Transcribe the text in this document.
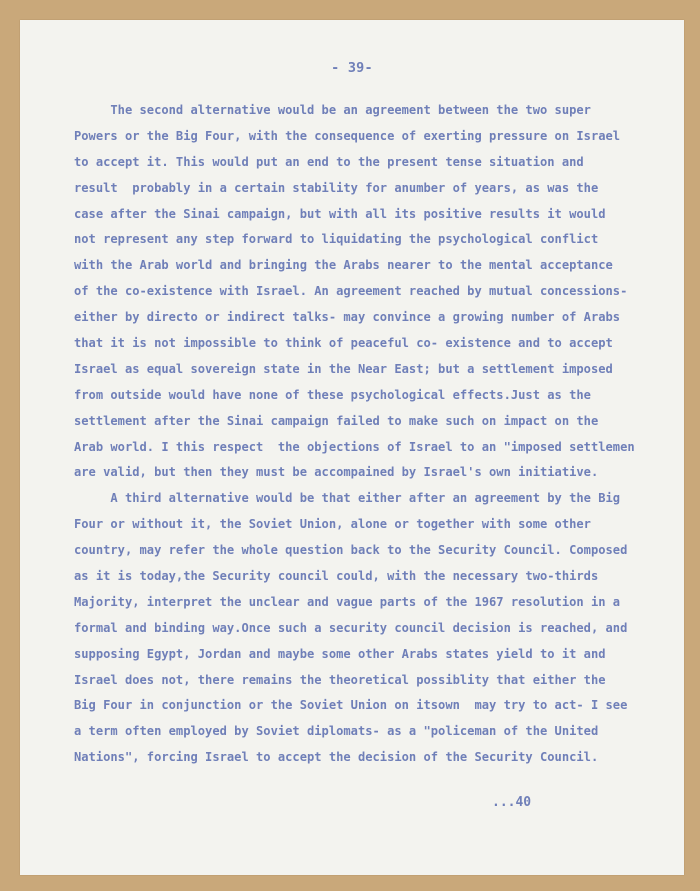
- 39-
The second alternative would be an agreement between the two super
Powers or the Big Four, with the consequence of exerting pressure on Israel
to accept it. This would put an end to the present tense situation and
result  probably in a certain stability for anumber of years, as was the
case after the Sinai campaign, but with all its positive results it would
not represent any step forward to liquidating the psychological conflict
with the Arab world and bringing the Arabs nearer to the mental acceptance
of the co-existence with Israel. An agreement reached by mutual concessions-
either by directo or indirect talks- may convince a growing number of Arabs
that it is not impossible to think of peaceful co- existence and to accept
Israel as equal sovereign state in the Near East; but a settlement imposed
from outside would have none of these psychological effects.Just as the
settlement after the Sinai campaign failed to make such on impact on the
Arab world. I this respect  the objections of Israel to an "imposed settlemen
are valid, but then they must be accompained by Israel's own initiative.
A third alternative would be that either after an agreement by the Big
Four or without it, the Soviet Union, alone or together with some other
country, may refer the whole question back to the Security Council. Composed
as it is today,the Security council could, with the necessary two-thirds
Majority, interpret the unclear and vague parts of the 1967 resolution in a
formal and binding way.Once such a security council decision is reached, and
supposing Egypt, Jordan and maybe some other Arabs states yield to it and
Israel does not, there remains the theoretical possiblity that either the
Big Four in conjunction or the Soviet Union on itsown  may try to act- I see
a term often employed by Soviet diplomats- as a "policeman of the United
Nations", forcing Israel to accept the decision of the Security Council.
...40
